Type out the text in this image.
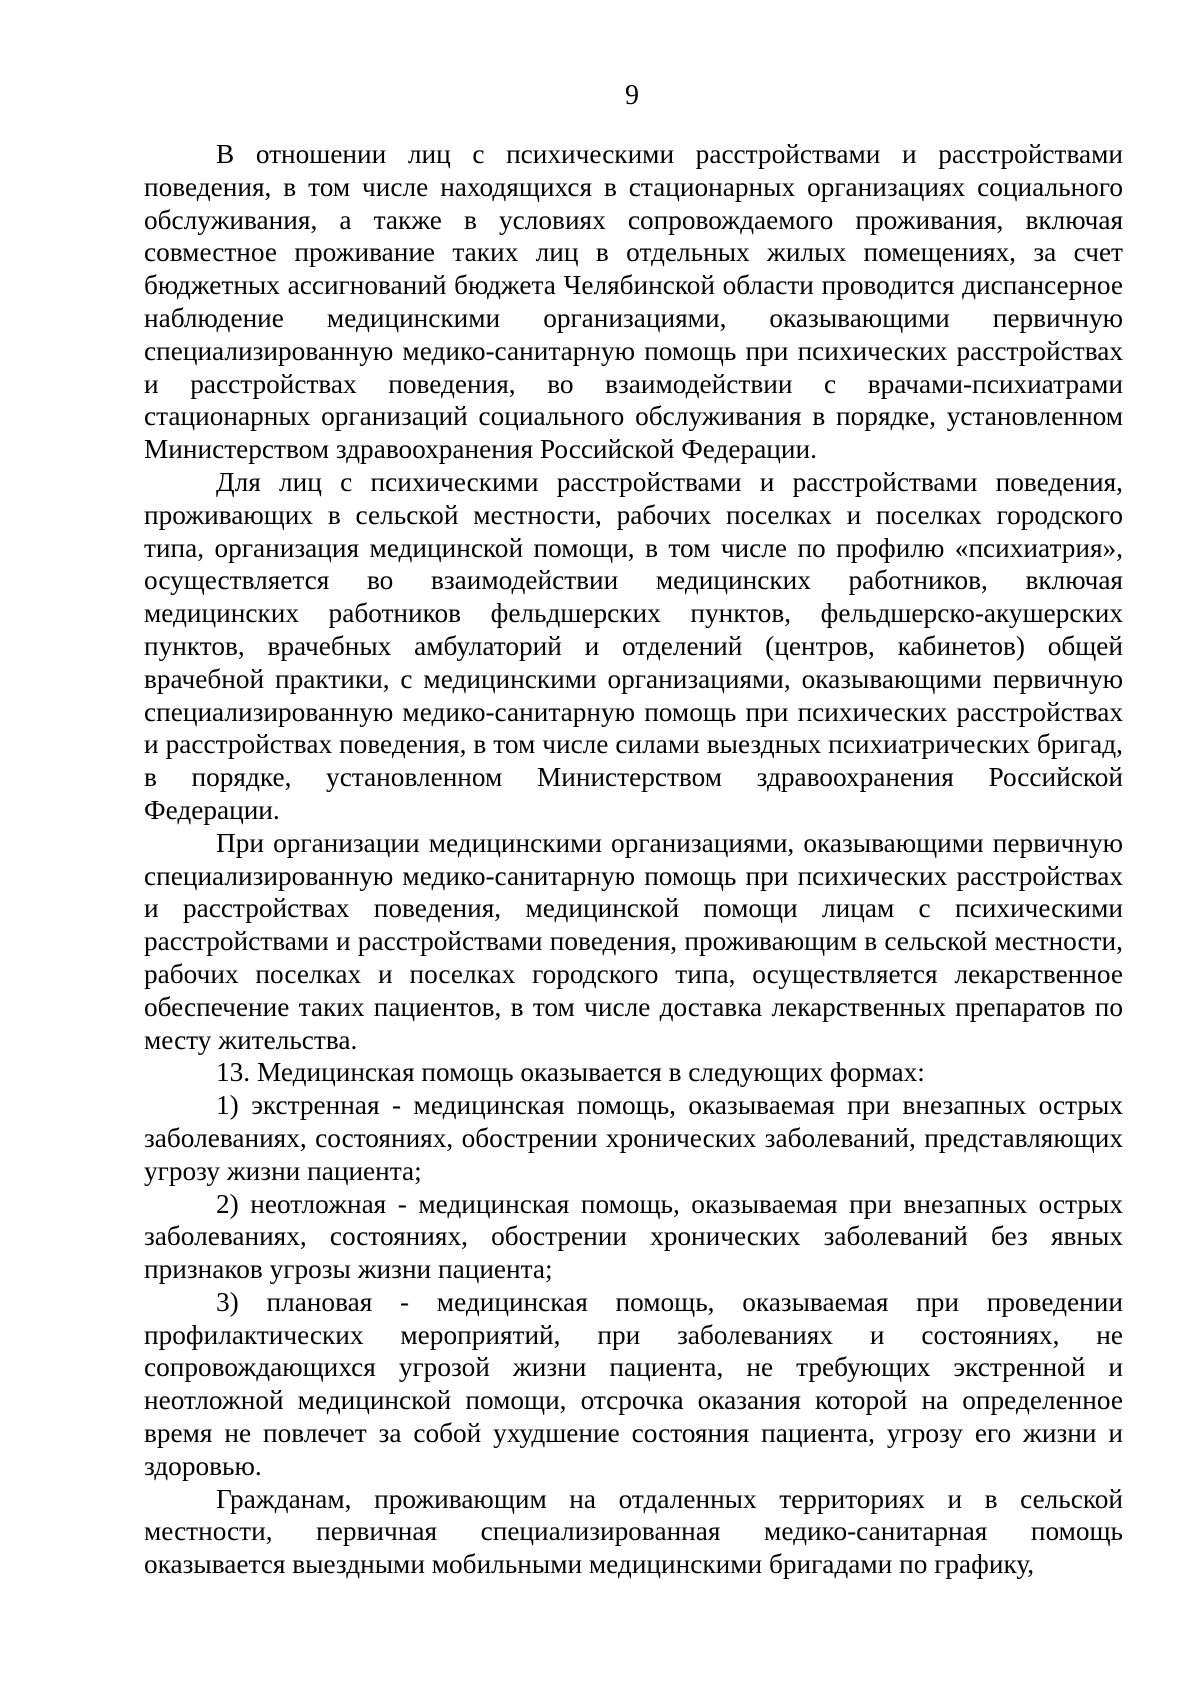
9

В отношении лиц с психическими расстройствами и расстройствами поведения, в том числе находящихся в стационарных организациях социального обслуживания, а также в условиях сопровождаемого проживания, включая совместное проживание таких лиц в отдельных жилых помещениях, за счет бюджетных ассигнований бюджета Челябинской области проводится диспансерное наблюдение медицинскими организациями, оказывающими первичную специализированную медико-санитарную помощь при психических расстройствах и расстройствах поведения, во взаимодействии с врачами-психиатрами стационарных организаций социального обслуживания в порядке, установленном Министерством здравоохранения Российской Федерации.

Для лиц с психическими расстройствами и расстройствами поведения, проживающих в сельской местности, рабочих поселках и поселках городского типа, организация медицинской помощи, в том числе по профилю «психиатрия», осуществляется во взаимодействии медицинских работников, включая медицинских работников фельдшерских пунктов, фельдшерско-акушерских пунктов, врачебных амбулаторий и отделений (центров, кабинетов) общей врачебной практики, с медицинскими организациями, оказывающими первичную специализированную медико-санитарную помощь при психических расстройствах и расстройствах поведения, в том числе силами выездных психиатрических бригад, в порядке, установленном Министерством здравоохранения Российской Федерации.

При организации медицинскими организациями, оказывающими первичную специализированную медико-санитарную помощь при психических расстройствах и расстройствах поведения, медицинской помощи лицам с психическими расстройствами и расстройствами поведения, проживающим в сельской местности, рабочих поселках и поселках городского типа, осуществляется лекарственное обеспечение таких пациентов, в том числе доставка лекарственных препаратов по месту жительства.

13. Медицинская помощь оказывается в следующих формах:

1) экстренная - медицинская помощь, оказываемая при внезапных острых заболеваниях, состояниях, обострении хронических заболеваний, представляющих угрозу жизни пациента;

2) неотложная - медицинская помощь, оказываемая при внезапных острых заболеваниях, состояниях, обострении хронических заболеваний без явных признаков угрозы жизни пациента;

3) плановая - медицинская помощь, оказываемая при проведении профилактических мероприятий, при заболеваниях и состояниях, не сопровождающихся угрозой жизни пациента, не требующих экстренной и неотложной медицинской помощи, отсрочка оказания которой на определенное время не повлечет за собой ухудшение состояния пациента, угрозу его жизни и здоровью.

Гражданам, проживающим на отдаленных территориях и в сельской местности, первичная специализированная медико-санитарная помощь оказывается выездными мобильными медицинскими бригадами по графику,
